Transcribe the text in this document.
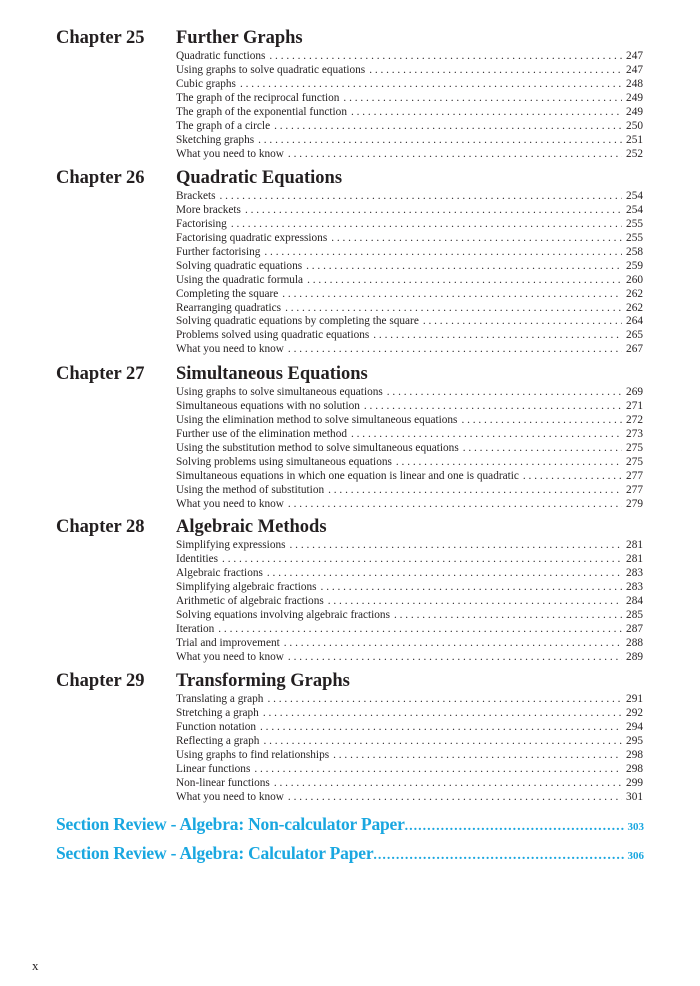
Chapter 25 Further Graphs
Quadratic functions . . .	247
Using graphs to solve quadratic equations . . .	247
Cubic graphs . . .	248
The graph of the reciprocal function . . .	249
The graph of the exponential function . . .	249
The graph of a circle . . .	250
Sketching graphs . . .	251
What you need to know . . .	252
Chapter 26 Quadratic Equations
Brackets . . .	254
More brackets . . .	254
Factorising . . .	255
Factorising quadratic expressions . . .	255
Further factorising . . .	258
Solving quadratic equations . . .	259
Using the quadratic formula . . .	260
Completing the square . . .	262
Rearranging quadratics . . .	262
Solving quadratic equations by completing the square . . .	264
Problems solved using quadratic equations . . .	265
What you need to know . . .	267
Chapter 27 Simultaneous Equations
Using graphs to solve simultaneous equations . . .	269
Simultaneous equations with no solution . . .	271
Using the elimination method to solve simultaneous equations . . .	272
Further use of the elimination method . . .	273
Using the substitution method to solve simultaneous equations . . .	275
Solving problems using simultaneous equations . . .	275
Simultaneous equations in which one equation is linear and one is quadratic . . .	277
Using the method of substitution . . .	277
What you need to know . . .	279
Chapter 28 Algebraic Methods
Simplifying expressions . . .	281
Identities . . .	281
Algebraic fractions . . .	283
Simplifying algebraic fractions . . .	283
Arithmetic of algebraic fractions . . .	284
Solving equations involving algebraic fractions . . .	285
Iteration . . .	287
Trial and improvement . . .	288
What you need to know . . .	289
Chapter 29 Transforming Graphs
Translating a graph . . .	291
Stretching a graph . . .	292
Function notation . . .	294
Reflecting a graph . . .	295
Using graphs to find relationships . . .	298
Linear functions . . .	298
Non-linear functions . . .	299
What you need to know . . .	301
Section Review - Algebra: Non-calculator Paper .....	303
Section Review - Algebra: Calculator Paper .....	306
x
